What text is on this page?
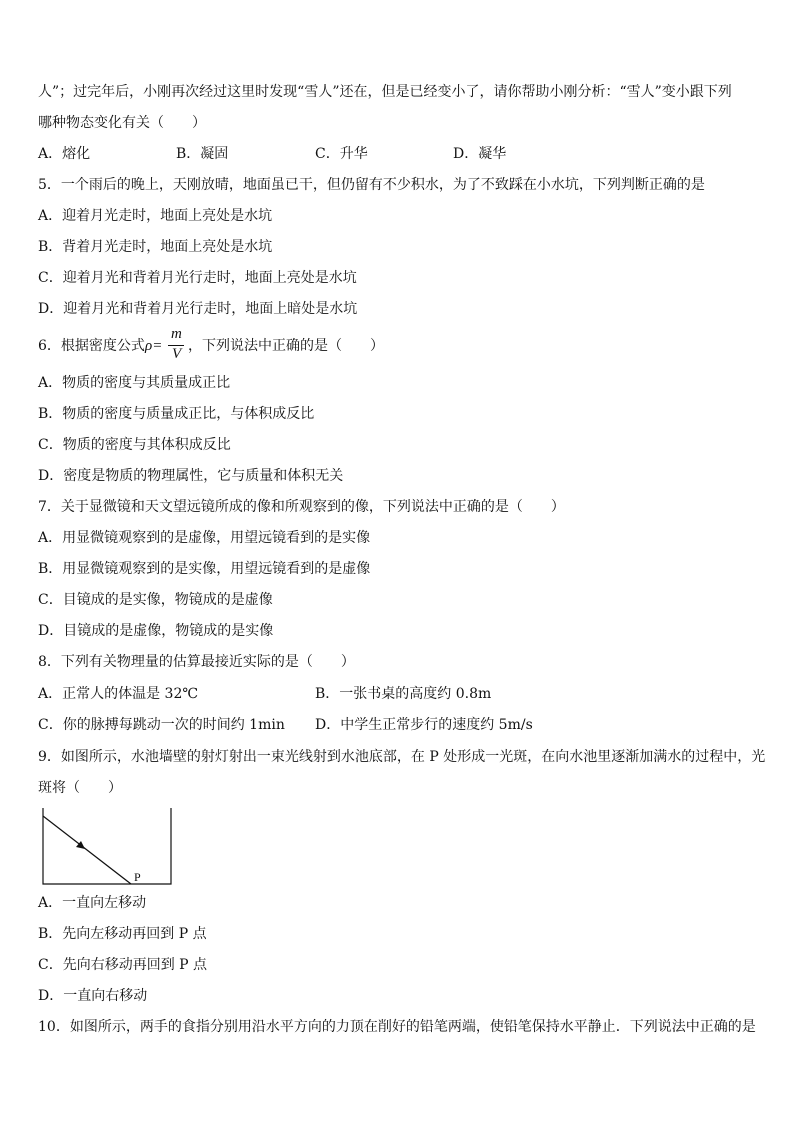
人”；过完年后，小刚再次经过这里时发现“雪人”还在，但是已经变小了，请你帮助小刚分析：“雪人”变小跟下列
哪种物态变化有关（　　）
A．熔化	B．凝固	C．升华	D．凝华
5．一个雨后的晚上，天刚放晴，地面虽已干，但仍留有不少积水，为了不致踩在小水坑，下列判断正确的是
A．迎着月光走时，地面上亮处是水坑
B．背着月光走时，地面上亮处是水坑
C．迎着月光和背着月光行走时，地面上亮处是水坑
D．迎着月光和背着月光行走时，地面上暗处是水坑
6．根据密度公式 ρ=
m
V ，下列说法中正确的是（　　）
A．物质的密度与其质量成正比
B．物质的密度与质量成正比，与体积成反比
C．物质的密度与其体积成反比
D．密度是物质的物理属性，它与质量和体积无关
7．关于显微镜和天文望远镜所成的像和所观察到的像，下列说法中正确的是（　　）
A．用显微镜观察到的是虚像，用望远镜看到的是实像
B．用显微镜观察到的是实像，用望远镜看到的是虚像
C．目镜成的是实像，物镜成的是虚像
D．目镜成的是虚像，物镜成的是实像
8．下列有关物理量的估算最接近实际的是（　　）
A．正常人的体温是 32℃	B．一张书桌的高度约 0.8m
C．你的脉搏每跳动一次的时间约 1min D．中学生正常步行的速度约 5m/s
9．如图所示，水池墙壁的射灯射出一束光线射到水池底部，在 P 处形成一光斑，在向水池里逐渐加满水的过程中，光
斑将（　　）
P
A．一直向左移动
B．先向左移动再回到 P 点
C．先向右移动再回到 P 点
D．一直向右移动
10．如图所示，两手的食指分别用沿水平方向的力顶在削好的铅笔两端，使铅笔保持水平静止．下列说法中正确的是
